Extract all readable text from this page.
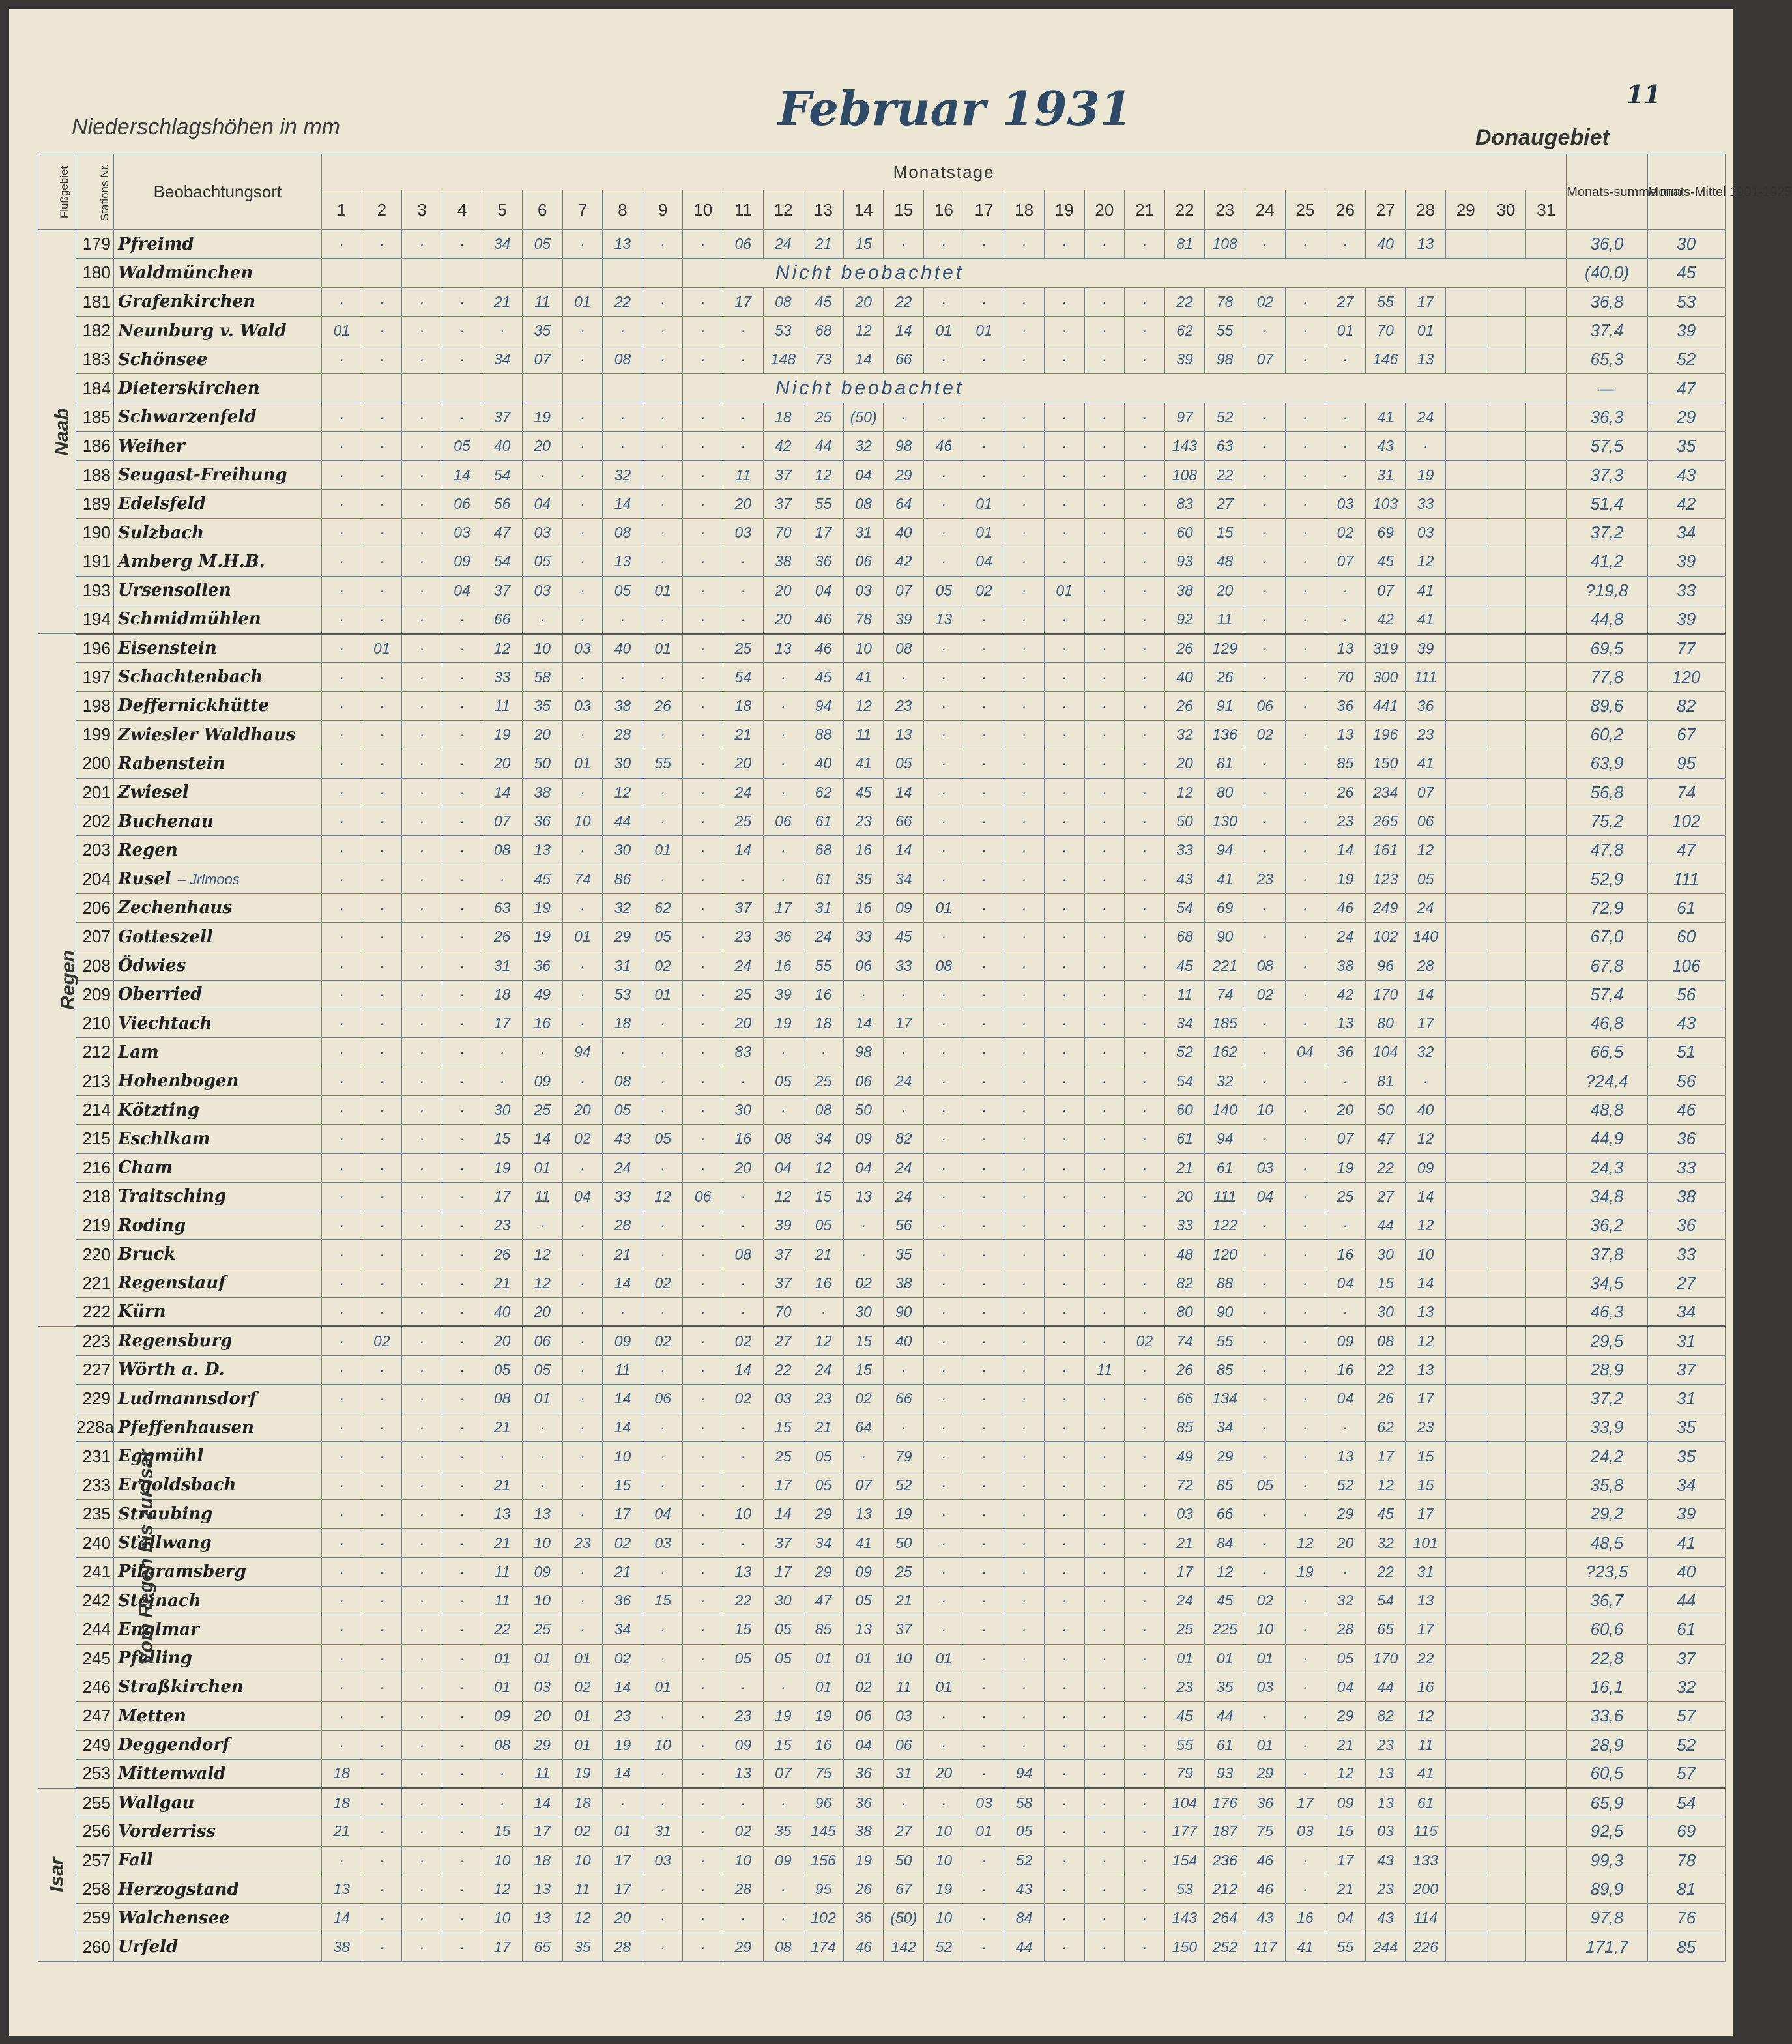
Februar 1931
Niederschlagshöhen in mm
11
Donaugebiet
Flußgebiet	Stations Nr.	Beobachtungsort	Monatstage																															Monats-summe mm	Monats-Mittel 1901-1925
			1	2	3	4	5	6	7	8	9	10	11	12	13	14	15	16	17	18	19	20	21	22	23	24	25	26	27	28	29	30	31		
Naab	179	Pfreimd	·	·	·	·	34	05	·	13	·	·	06	24	21	15	·	·	·	·	·	·	·	81	108	·	·	·	40	13				36,0	30
	180	Waldmünchen											Nicht beobachtet																					(40,0)	45
	181	Grafenkirchen	·	·	·	·	21	11	01	22	·	·	17	08	45	20	22	·	·	·	·	·	·	22	78	02	·	27	55	17				36,8	53
	182	Neunburg v. Wald	01	·	·	·	·	35	·	·	·	·	·	53	68	12	14	01	01	·	·	·	·	62	55	·	·	01	70	01				37,4	39
	183	Schönsee	·	·	·	·	34	07	·	08	·	·	·	148	73	14	66	·	·	·	·	·	·	39	98	07	·	·	146	13				65,3	52
	184	Dieterskirchen											Nicht beobachtet																					—	47
	185	Schwarzenfeld	·	·	·	·	37	19	·	·	·	·	·	18	25	(50)	·	·	·	·	·	·	·	97	52	·	·	·	41	24				36,3	29
	186	Weiher	·	·	·	05	40	20	·	·	·	·	·	42	44	32	98	46	·	·	·	·	·	143	63	·	·	·	43	·				57,5	35
	188	Seugast-Freihung	·	·	·	14	54	·	·	32	·	·	11	37	12	04	29	·	·	·	·	·	·	108	22	·	·	·	31	19				37,3	43
	189	Edelsfeld	·	·	·	06	56	04	·	14	·	·	20	37	55	08	64	·	01	·	·	·	·	83	27	·	·	03	103	33				51,4	42
	190	Sulzbach	·	·	·	03	47	03	·	08	·	·	03	70	17	31	40	·	01	·	·	·	·	60	15	·	·	02	69	03				37,2	34
	191	Amberg M.H.B.	·	·	·	09	54	05	·	13	·	·	·	38	36	06	42	·	04	·	·	·	·	93	48	·	·	07	45	12				41,2	39
	193	Ursensollen	·	·	·	04	37	03	·	05	01	·	·	20	04	03	07	05	02	·	01	·	·	38	20	·	·	·	07	41				?19,8	33
	194	Schmidmühlen	·	·	·	·	66	·	·	·	·	·	·	20	46	78	39	13	·	·	·	·	·	92	11	·	·	·	42	41				44,8	39
Regen	196	Eisenstein	·	01	·	·	12	10	03	40	01	·	25	13	46	10	08	·	·	·	·	·	·	26	129	·	·	13	319	39				69,5	77
	197	Schachtenbach	·	·	·	·	33	58	·	·	·	·	54	·	45	41	·	·	·	·	·	·	·	40	26	·	·	70	300	111				77,8	120
	198	Deffernickhütte	·	·	·	·	11	35	03	38	26	·	18	·	94	12	23	·	·	·	·	·	·	26	91	06	·	36	441	36				89,6	82
	199	Zwiesler Waldhaus	·	·	·	·	19	20	·	28	·	·	21	·	88	11	13	·	·	·	·	·	·	32	136	02	·	13	196	23				60,2	67
	200	Rabenstein	·	·	·	·	20	50	01	30	55	·	20	·	40	41	05	·	·	·	·	·	·	20	81	·	·	85	150	41				63,9	95
	201	Zwiesel	·	·	·	·	14	38	·	12	·	·	24	·	62	45	14	·	·	·	·	·	·	12	80	·	·	26	234	07				56,8	74
	202	Buchenau	·	·	·	·	07	36	10	44	·	·	25	06	61	23	66	·	·	·	·	·	·	50	130	·	·	23	265	06				75,2	102
	203	Regen	·	·	·	·	08	13	·	30	01	·	14	·	68	16	14	·	·	·	·	·	·	33	94	·	·	14	161	12				47,8	47
	204	Rusel – Jrlmoos	·	·	·	·	·	45	74	86	·	·	·	·	61	35	34	·	·	·	·	·	·	43	41	23	·	19	123	05				52,9	111
	206	Zechenhaus	·	·	·	·	63	19	·	32	62	·	37	17	31	16	09	01	·	·	·	·	·	54	69	·	·	46	249	24				72,9	61
	207	Gotteszell	·	·	·	·	26	19	01	29	05	·	23	36	24	33	45	·	·	·	·	·	·	68	90	·	·	24	102	140				67,0	60
	208	Ödwies	·	·	·	·	31	36	·	31	02	·	24	16	55	06	33	08	·	·	·	·	·	45	221	08	·	38	96	28				67,8	106
	209	Oberried	·	·	·	·	18	49	·	53	01	·	25	39	16	·	·	·	·	·	·	·	·	11	74	02	·	42	170	14				57,4	56
	210	Viechtach	·	·	·	·	17	16	·	18	·	·	20	19	18	14	17	·	·	·	·	·	·	34	185	·	·	13	80	17				46,8	43
	212	Lam	·	·	·	·	·	·	94	·	·	·	83	·	·	98	·	·	·	·	·	·	·	52	162	·	04	36	104	32				66,5	51
	213	Hohenbogen	·	·	·	·	·	09	·	08	·	·	·	05	25	06	24	·	·	·	·	·	·	54	32	·	·	·	81	·				?24,4	56
	214	Kötzting	·	·	·	·	30	25	20	05	·	·	30	·	08	50	·	·	·	·	·	·	·	60	140	10	·	20	50	40				48,8	46
	215	Eschlkam	·	·	·	·	15	14	02	43	05	·	16	08	34	09	82	·	·	·	·	·	·	61	94	·	·	07	47	12				44,9	36
	216	Cham	·	·	·	·	19	01	·	24	·	·	20	04	12	04	24	·	·	·	·	·	·	21	61	03	·	19	22	09				24,3	33
	218	Traitsching	·	·	·	·	17	11	04	33	12	06	·	12	15	13	24	·	·	·	·	·	·	20	111	04	·	25	27	14				34,8	38
	219	Roding	·	·	·	·	23	·	·	28	·	·	·	39	05	·	56	·	·	·	·	·	·	33	122	·	·	·	44	12				36,2	36
	220	Bruck	·	·	·	·	26	12	·	21	·	·	08	37	21	·	35	·	·	·	·	·	·	48	120	·	·	16	30	10				37,8	33
	221	Regenstauf	·	·	·	·	21	12	·	14	02	·	·	37	16	02	38	·	·	·	·	·	·	82	88	·	·	04	15	14				34,5	27
	222	Kürn	·	·	·	·	40	20	·	·	·	·	·	70	·	30	90	·	·	·	·	·	·	80	90	·	·	·	30	13				46,3	34
Vom Regen bis zur Isar	223	Regensburg	·	02	·	·	20	06	·	09	02	·	02	27	12	15	40	·	·	·	·	·	02	74	55	·	·	09	08	12				29,5	31
	227	Wörth a. D.	·	·	·	·	05	05	·	11	·	·	14	22	24	15	·	·	·	·	·	11	·	26	85	·	·	16	22	13				28,9	37
	229	Ludmannsdorf	·	·	·	·	08	01	·	14	06	·	02	03	23	02	66	·	·	·	·	·	·	66	134	·	·	04	26	17				37,2	31
	228a	Pfeffenhausen	·	·	·	·	21	·	·	14	·	·	·	15	21	64	·	·	·	·	·	·	·	85	34	·	·	·	62	23				33,9	35
	231	Eggmühl	·	·	·	·	·	·	·	10	·	·	·	25	05	·	79	·	·	·	·	·	·	49	29	·	·	13	17	15				24,2	35
	233	Ergoldsbach	·	·	·	·	21	·	·	15	·	·	·	17	05	07	52	·	·	·	·	·	·	72	85	05	·	52	12	15				35,8	34
	235	Straubing	·	·	·	·	13	13	·	17	04	·	10	14	29	13	19	·	·	·	·	·	·	03	66	·	·	29	45	17				29,2	39
	240	Stallwang	·	·	·	·	21	10	23	02	03	·	·	37	34	41	50	·	·	·	·	·	·	21	84	·	12	20	32	101				48,5	41
	241	Pilgramsberg	·	·	·	·	11	09	·	21	·	·	13	17	29	09	25	·	·	·	·	·	·	17	12	·	19	·	22	31				?23,5	40
	242	Steinach	·	·	·	·	11	10	·	36	15	·	22	30	47	05	21	·	·	·	·	·	·	24	45	02	·	32	54	13				36,7	44
	244	Englmar	·	·	·	·	22	25	·	34	·	·	15	05	85	13	37	·	·	·	·	·	·	25	225	10	·	28	65	17				60,6	61
	245	Pfelling	·	·	·	·	01	01	01	02	·	·	05	05	01	01	10	01	·	·	·	·	·	01	01	01	·	05	170	22				22,8	37
	246	Straßkirchen	·	·	·	·	01	03	02	14	01	·	·	·	01	02	11	01	·	·	·	·	·	23	35	03	·	04	44	16				16,1	32
	247	Metten	·	·	·	·	09	20	01	23	·	·	23	19	19	06	03	·	·	·	·	·	·	45	44	·	·	29	82	12				33,6	57
	249	Deggendorf	·	·	·	·	08	29	01	19	10	·	09	15	16	04	06	·	·	·	·	·	·	55	61	01	·	21	23	11				28,9	52
	253	Mittenwald	18	·	·	·	·	11	19	14	·	·	13	07	75	36	31	20	·	94	·	·	·	79	93	29	·	12	13	41				60,5	57
Isar	255	Wallgau	18	·	·	·	·	14	18	·	·	·	·	·	96	36	·	·	03	58	·	·	·	104	176	36	17	09	13	61				65,9	54
	256	Vorderriss	21	·	·	·	15	17	02	01	31	·	02	35	145	38	27	10	01	05	·	·	·	177	187	75	03	15	03	115				92,5	69
	257	Fall	·	·	·	·	10	18	10	17	03	·	10	09	156	19	50	10	·	52	·	·	·	154	236	46	·	17	43	133				99,3	78
	258	Herzogstand	13	·	·	·	12	13	11	17	·	·	28	·	95	26	67	19	·	43	·	·	·	53	212	46	·	21	23	200				89,9	81
	259	Walchensee	14	·	·	·	10	13	12	20	·	·	·	·	102	36	(50)	10	·	84	·	·	·	143	264	43	16	04	43	114				97,8	76
	260	Urfeld	38	·	·	·	17	65	35	28	·	·	29	08	174	46	142	52	·	44	·	·	·	150	252	117	41	55	244	226				171,7	85
